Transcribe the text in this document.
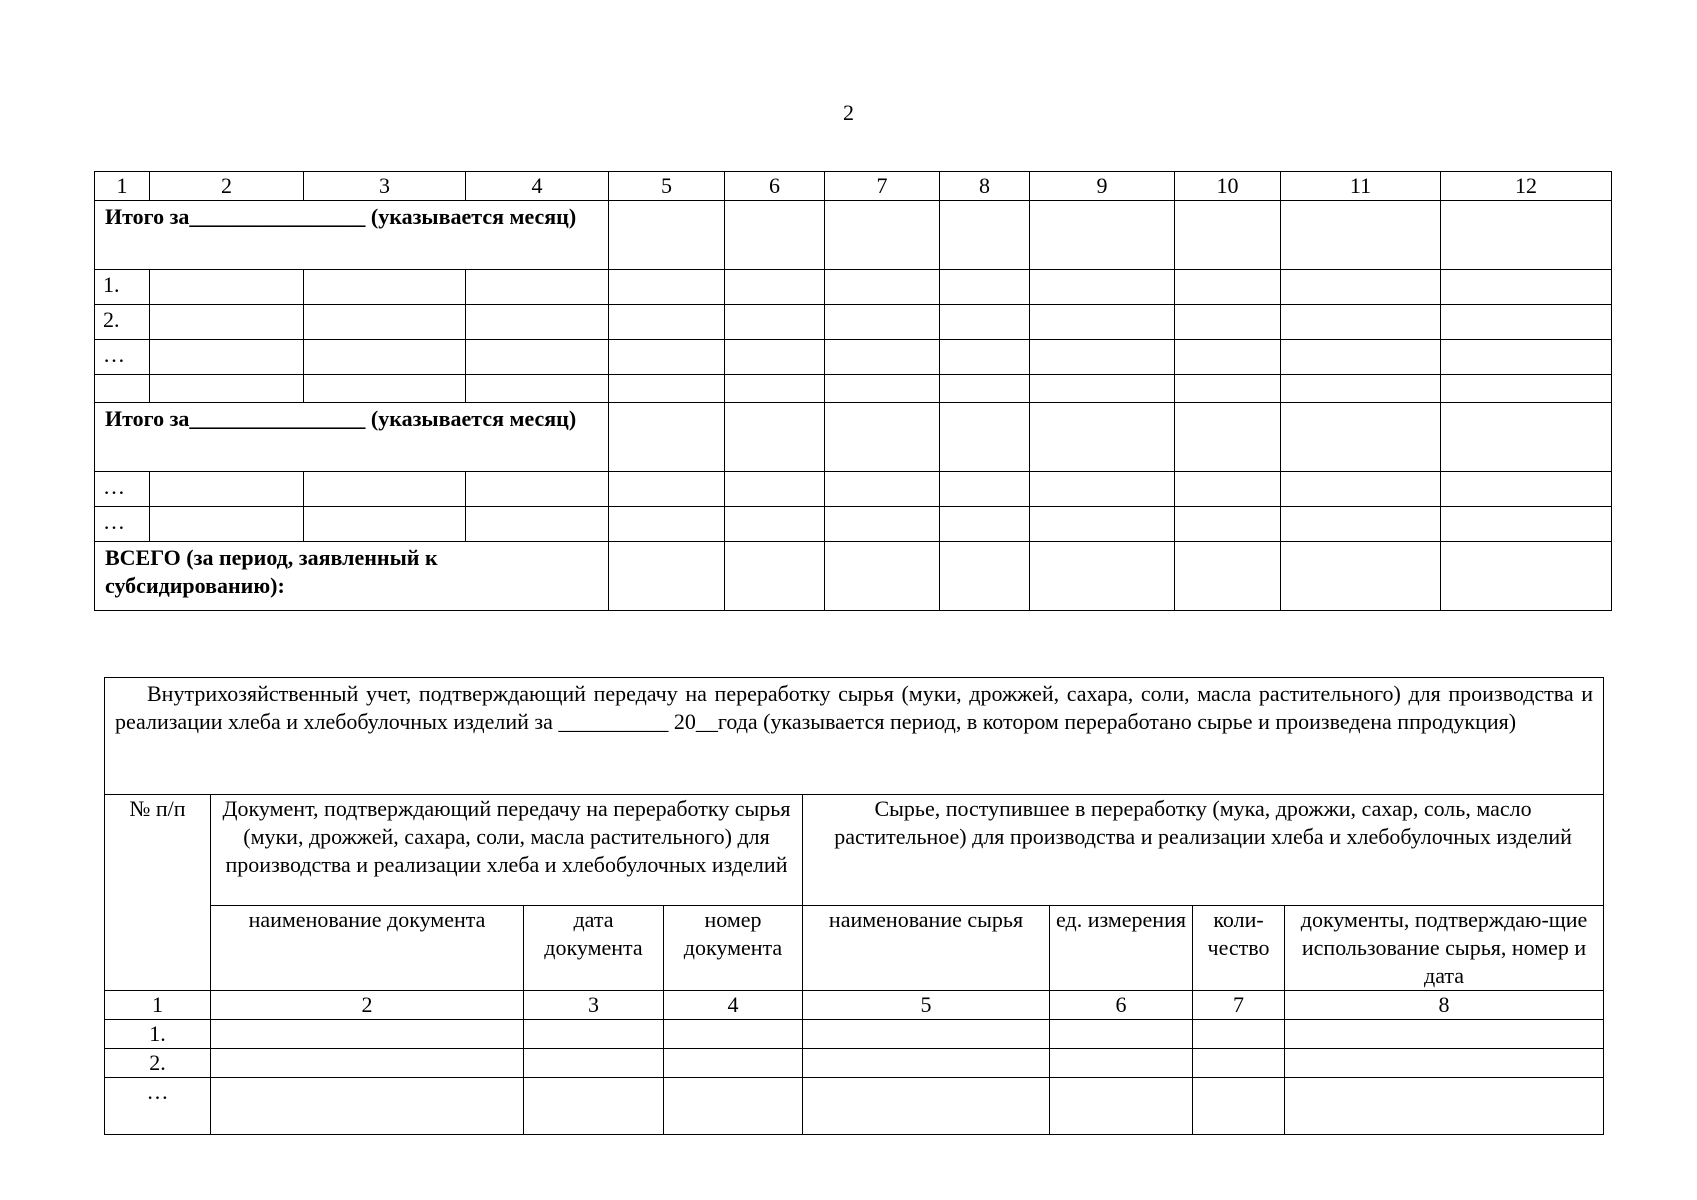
2
1	2	3	4	5	6	7	8	9	10	11	12
Итого за________________ (указывается месяц)											
1.											
2.											
…											

Итого за________________ (указывается месяц)											
…											
…											
ВСЕГО (за период, заявленный к субсидированию):											
Внутрихозяйственный учет, подтверждающий передачу на переработку сырья (муки, дрожжей, сахара, соли, масла растительного) для производства и реализации хлеба и хлебобулочных изделий за __________ 20__года (указывается период, в котором переработано сырье и произведена ппродукция)							
№ п/п	Документ, подтверждающий передачу на переработку сырья (муки, дрожжей, сахара, соли, масла растительного) для производства и реализации хлеба и хлебобулочных изделий			Сырье, поступившее в переработку (мука, дрожжи, сахар, соль, масло растительное) для производства и реализации хлеба и хлебобулочных изделий			
	наименование документа	дата документа	номер документа	наименование сырья	ед. измерения	коли-чество	документы, подтверждаю-щие использование сырья, номер и дата
1	2	3	4	5	6	7	8
1.							
2.							
…							
